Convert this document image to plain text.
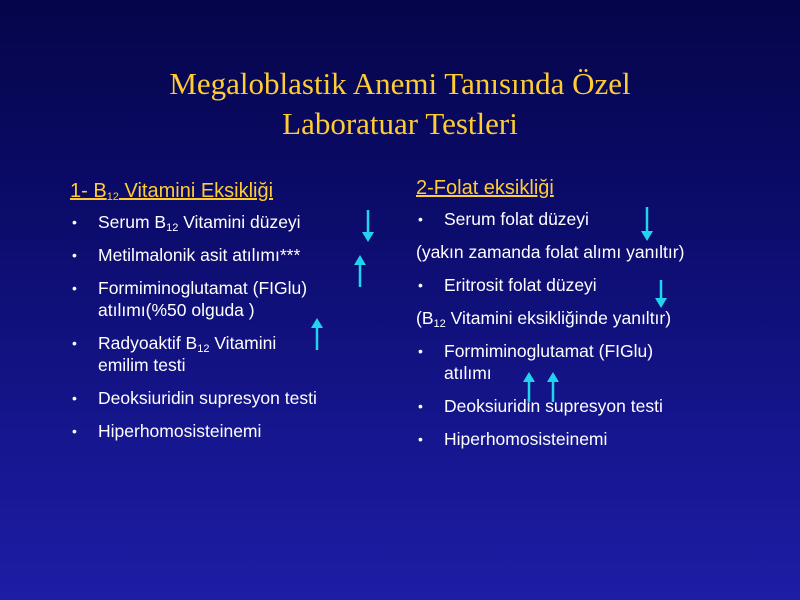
Megaloblastik Anemi Tanısında Özel
Laboratuar Testleri
1- $B_{12}$ Vitamini Eksikliği
• Serum $B_{12}$ Vitamini düzeyi
• Metilmalonik asit atılımı***
• Formiminoglutamat (FIGlu)
atılımı(%50 olguda )
• Radyoaktif $B_{12}$ Vitamini
emilim testi
• Deoksiuridin supresyon testi
• Hiperhomosisteinemi
2-Folat eksikliği
• Serum folat düzeyi
(yakın zamanda folat alımı yanıltır)
• Eritrosit folat düzeyi
($B_{12}$ Vitamini eksikliğinde yanıltır)
• Formiminoglutamat (FIGlu)
atılımı
• Deoksiuridin supresyon testi
• Hiperhomosisteinemi
